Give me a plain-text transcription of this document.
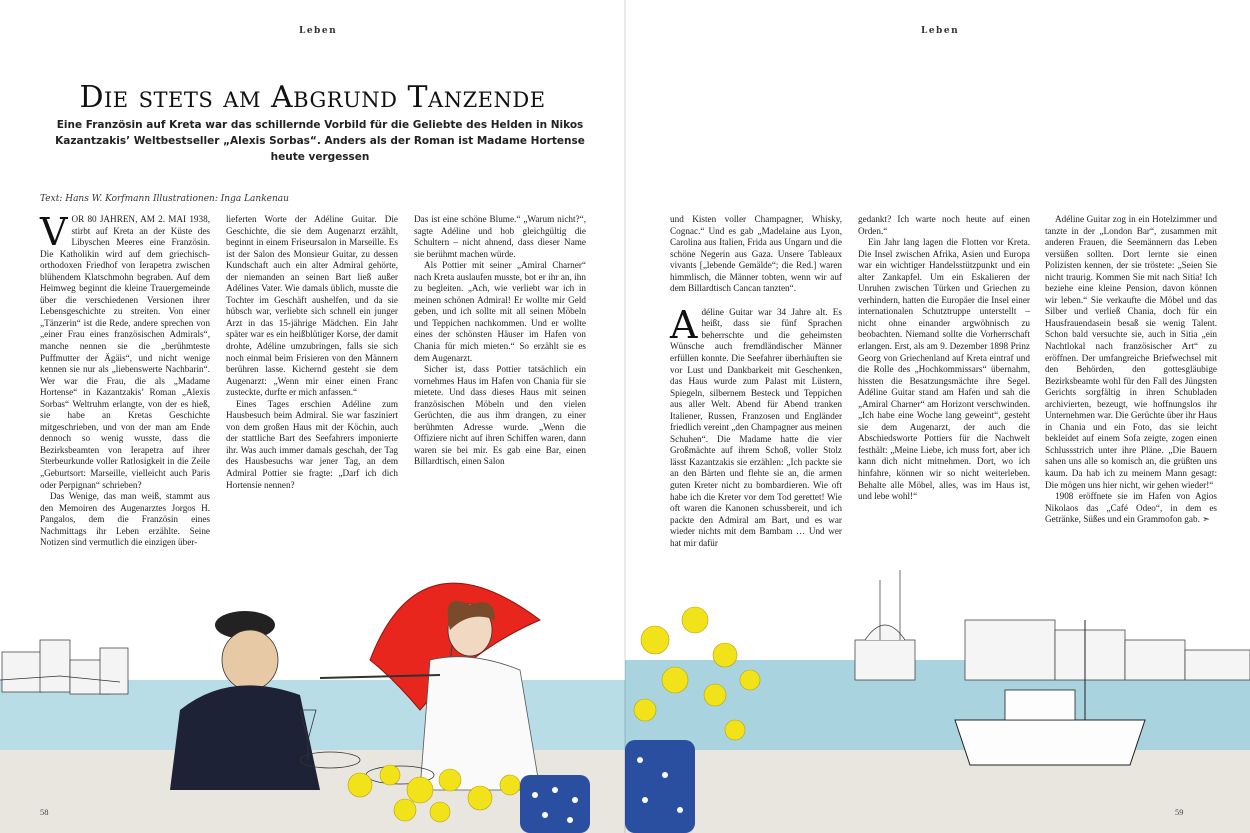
Leben
Die stets am Abgrund Tanzende
Eine Französin auf Kreta war das schillernde Vorbild für die Geliebte des Helden in Nikos Kazantzakis’ Weltbestseller „Alexis Sorbas“. Anders als der Roman ist Madame Hortense heute vergessen
Text: Hans W. Korfmann Illustrationen: Inga Lankenau

VOR 80 JAHREN, AM 2. MAI 1938, stirbt auf Kreta an der Küste des Libyschen Meeres eine Französin. Die Katholikin wird auf dem griechisch-orthodoxen Friedhof von Ierapetra zwischen blühendem Klatschmohn begraben. Auf dem Heimweg beginnt die kleine Trauergemeinde über die verschiedenen Versionen ihrer Lebensgeschichte zu streiten. Von einer „Tänzerin“ ist die Rede, andere sprechen von „einer Frau eines französischen Admirals“, manche nennen sie die „berühmteste Puffmutter der Ägäis“, und nicht wenige kennen sie nur als „liebenswerte Nachbarin“. Wer war die Frau, die als „Madame Hortense“ in Kazantzakis’ Roman „Alexis Sorbas“ Weltruhm erlangte, von der es hieß, sie habe an Kretas Geschichte mitgeschrieben, und von der man am Ende dennoch so wenig wusste, dass die Bezirksbeamten von Ierapetra auf ihrer Sterbeurkunde voller Ratlosigkeit in die Zeile „Geburtsort: Marseille, vielleicht auch Paris oder Perpignan“ schrieben?

Das Wenige, das man weiß, stammt aus den Memoiren des Augenarztes Jorgos H. Pangalos, dem die Französin eines Nachmittags ihr Leben erzählte. Seine Notizen sind vermutlich die einzigen über-

lieferten Worte der Adéline Guitar. Die Geschichte, die sie dem Augenarzt erzählt, beginnt in einem Friseursalon in Marseille. Es ist der Salon des Monsieur Guitar, zu dessen Kundschaft auch ein alter Admiral gehörte, der niemanden an seinen Bart ließ außer Adélines Vater. Wie damals üblich, musste die Tochter im Geschäft aushelfen, und da sie hübsch war, verliebte sich schnell ein junger Arzt in das 15-jährige Mädchen. Ein Jahr später war es ein heißblütiger Korse, der damit drohte, Adéline umzubringen, falls sie sich noch einmal beim Frisieren von den Männern berühren lasse. Kichernd gesteht sie dem Augenarzt: „Wenn mir einer einen Franc zusteckte, durfte er mich anfassen.“

Eines Tages erschien Adéline zum Hausbesuch beim Admiral. Sie war fasziniert von dem großen Haus mit der Köchin, auch der stattliche Bart des Seefahrers imponierte ihr. Was auch immer damals geschah, der Tag des Hausbesuchs war jener Tag, an dem Admiral Pottier sie fragte: „Darf ich dich Hortensie nennen?

Das ist eine schöne Blume.“ „Warum nicht?“, sagte Adéline und hob gleichgültig die Schultern – nicht ahnend, dass dieser Name sie berühmt machen würde.

Als Pottier mit seiner „Amiral Charner“ nach Kreta auslaufen musste, bot er ihr an, ihn zu begleiten. „Ach, wie verliebt war ich in meinen schönen Admiral! Er wollte mir Geld geben, und ich sollte mit all seinen Möbeln und Teppichen nachkommen. Und er wollte eines der schönsten Häuser im Hafen von Chania für mich mieten.“ So erzählt sie es dem Augenarzt.

Sicher ist, dass Pottier tatsächlich ein vornehmes Haus im Hafen von Chania für sie mietete. Und dass dieses Haus mit seinen französischen Möbeln und den vielen Gerüchten, die aus ihm drangen, zu einer berühmten Adresse wurde. „Wenn die Offiziere nicht auf ihren Schiffen waren, dann waren sie bei mir. Es gab eine Bar, einen Billardtisch, einen Salon

58
Leben

und Kisten voller Champagner, Whisky, Cognac.“ Und es gab „Madelaine aus Lyon, Carolina aus Italien, Frida aus Ungarn und die schöne Negerin aus Gaza. Unsere Tableaux vivants [„lebende Gemälde“; die Red.] waren himmlisch, die Männer tobten, wenn wir auf dem Billardtisch Cancan tanzten“.

Adéline Guitar war 34 Jahre alt. Es heißt, dass sie fünf Sprachen beherrschte und die geheimsten Wünsche auch fremdländischer Männer erfüllen konnte. Die Seefahrer überhäuften sie vor Lust und Dankbarkeit mit Geschenken, das Haus wurde zum Palast mit Lüstern, Spiegeln, silbernem Besteck und Teppichen aus aller Welt. Abend für Abend tranken Italiener, Russen, Franzosen und Engländer friedlich vereint „den Champagner aus meinen Schuhen“. Die Madame hatte die vier Großmächte auf ihrem Schoß, voller Stolz lässt Kazantzakis sie erzählen: „Ich packte sie an den Bärten und flehte sie an, die armen guten Kreter nicht zu bombardieren. Wie oft habe ich die Kreter vor dem Tod gerettet! Wie oft waren die Kanonen schussbereit, und ich packte den Admiral am Bart, und es war wieder nichts mit dem Bambam … Und wer hat mir dafür

gedankt? Ich warte noch heute auf einen Orden.“

Ein Jahr lang lagen die Flotten vor Kreta. Die Insel zwischen Afrika, Asien und Europa war ein wichtiger Handelsstützpunkt und ein alter Zankapfel. Um ein Eskalieren der Unruhen zwischen Türken und Griechen zu verhindern, hatten die Europäer die Insel einer internationalen Schutztruppe unterstellt – nicht ohne einander argwöhnisch zu beobachten. Niemand sollte die Vorherrschaft erlangen. Erst, als am 9. Dezember 1898 Prinz Georg von Griechenland auf Kreta eintraf und die Rolle des „Hochkommissars“ übernahm, hissten die Besatzungsmächte ihre Segel. Adéline Guitar stand am Hafen und sah die „Amiral Charner“ am Horizont verschwinden. „Ich habe eine Woche lang geweint“, gesteht sie dem Augenarzt, der auch die Abschiedsworte Pottiers für die Nachwelt festhält: „Meine Liebe, ich muss fort, aber ich kann dich nicht mitnehmen. Dort, wo ich hinfahre, können wir so nicht weiterleben. Behalte alle Möbel, alles, was im Haus ist, und lebe wohl!“

Adéline Guitar zog in ein Hotelzimmer und tanzte in der „London Bar“, zusammen mit anderen Frauen, die Seemännern das Leben versüßen sollten. Dort lernte sie einen Polizisten kennen, der sie tröstete: „Seien Sie nicht traurig. Kommen Sie mit nach Sitia! Ich beziehe eine kleine Pension, davon können wir leben.“ Sie verkaufte die Möbel und das Silber und verließ Chania, doch für ein Hausfrauendasein besaß sie wenig Talent. Schon bald versuchte sie, auch in Sitia „ein Nachtlokal nach französischer Art“ zu eröffnen. Der umfangreiche Briefwechsel mit den Behörden, den gottesgläubige Bezirksbeamte wohl für den Fall des Jüngsten Gerichts sorgfältig in ihren Schubladen archivierten, bezeugt, wie hoffnungslos ihr Unternehmen war. Die Gerüchte über ihr Haus in Chania und ein Foto, das sie leicht bekleidet auf einem Sofa zeigte, zogen einen Schlussstrich unter ihre Pläne. „Die Bauern sahen uns alle so komisch an, die grüßten uns kaum. Da hab ich zu meinem Mann gesagt: Die mögen uns hier nicht, wir gehen wieder!“

1908 eröffnete sie im Hafen von Agios Nikolaos das „Café Odeo“, in dem es Getränke, Süßes und ein Grammofon gab. ➣

59
